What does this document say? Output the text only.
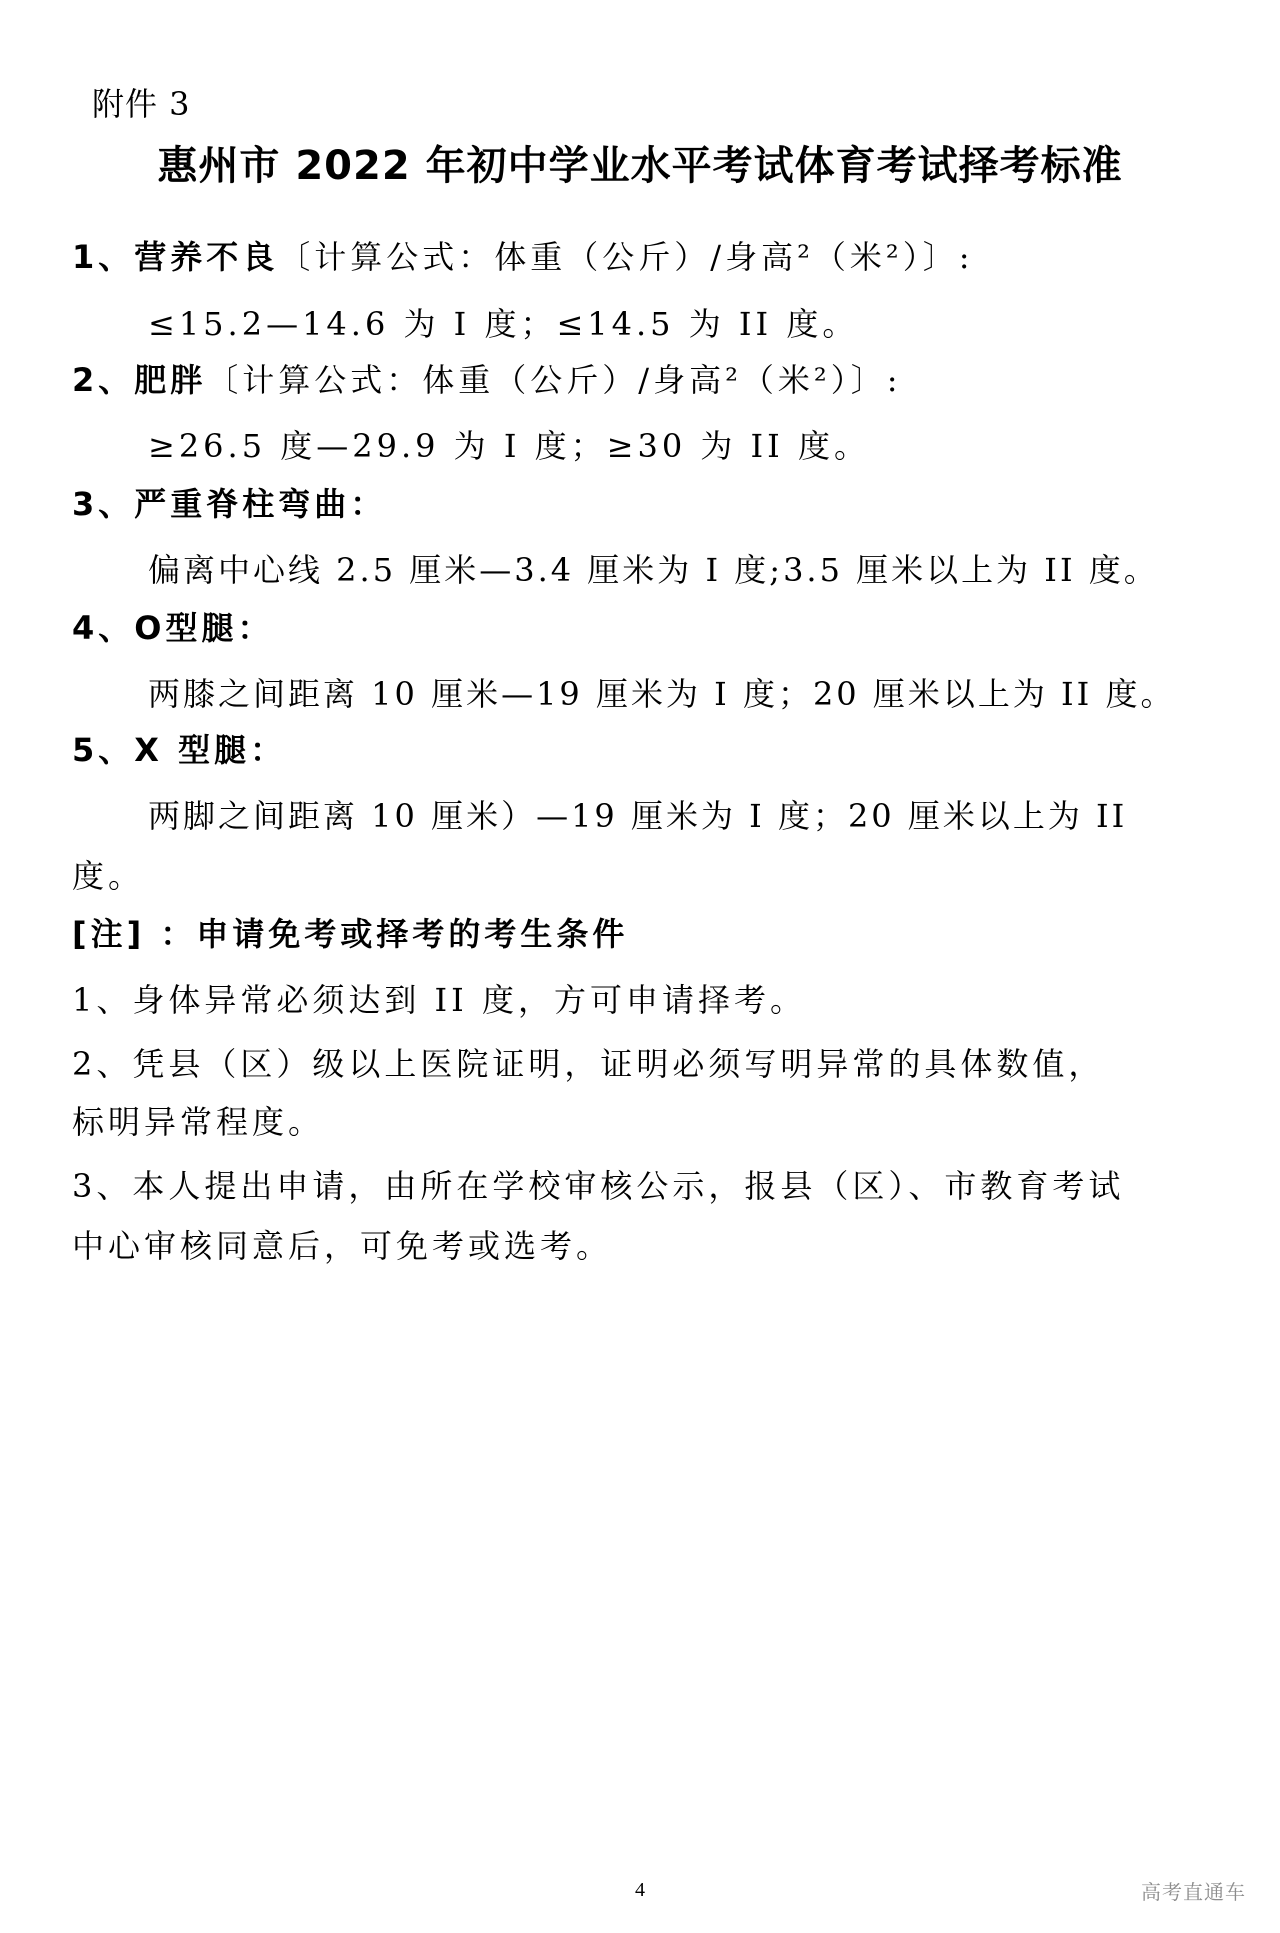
附件 3
惠州市 2022 年初中学业水平考试体育考试择考标准
1、营养不良〔计算公式：体重（公斤）/身高²（米²）〕:
≤15.2—14.6 为 I 度；≤14.5 为 II 度。
2、肥胖〔计算公式：体重（公斤）/身高²（米²）〕:
≥26.5 度—29.9 为 I 度；≥30 为 II 度。
3、严重脊柱弯曲：
偏离中心线 2.5 厘米—3.4 厘米为 I 度;3.5 厘米以上为 II 度。
4、O型腿：
两膝之间距离 10 厘米—19 厘米为 I 度；20 厘米以上为 II 度。
5、X 型腿：
两脚之间距离 10 厘米）—19 厘米为 I 度；20 厘米以上为 II
度。
[注] ：申请免考或择考的考生条件
1、身体异常必须达到 II 度，方可申请择考。
2、凭县（区）级以上医院证明，证明必须写明异常的具体数值，
标明异常程度。
3、本人提出申请，由所在学校审核公示，报县（区）、市教育考试
中心审核同意后，可免考或选考。
4	高考直通车
